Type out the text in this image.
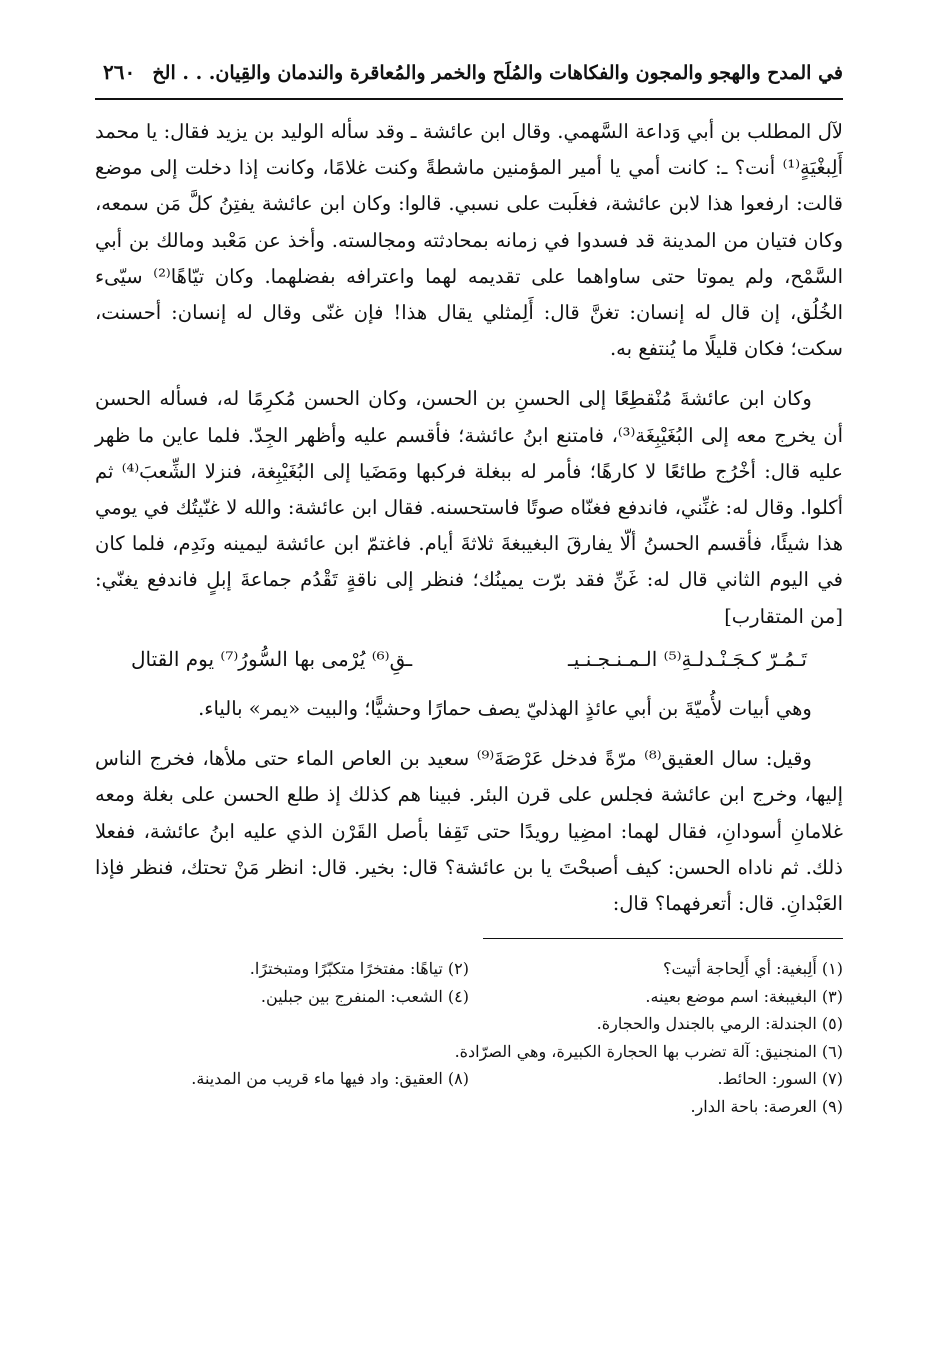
٢٦٠ في المدح والهجو والمجون والفكاهات والمُلَح والخمر والمُعاقرة والندمان والقِيان. . . الخ

لآل المطلب بن أبي وَداعة السَّهمي. وقال ابن عائشة ـ وقد سأله الوليد بن يزيد فقال: يا محمد أَلِبغْيَةٍ⁽¹⁾ أنت؟ ـ: كانت أمي يا أمير المؤمنين ماشطةً وكنت غلامًا، وكانت إذا دخلت إلى موضع قالت: ارفعوا هذا لابن عائشة، فغلَبت على نسبي. قالوا: وكان ابن عائشة يفتِنُ كلَّ مَن سمعه، وكان فتيان من المدينة قد فسدوا في زمانه بمحادثته ومجالسته. وأخذ عن مَعْبد ومالك بن أبي السَّمْح، ولم يموتا حتى ساواهما على تقديمه لهما واعترافه بفضلهما. وكان تيّاهًا⁽²⁾ سيّىء الخُلُق، إن قال له إنسان: تغنَّ قال: أَلِمثلي يقال هذا! فإن غنّى وقال له إنسان: أحسنت، سكت؛ فكان قليلًا ما يُنتفع به.

وكان ابن عائشةَ مُنْقطِعًا إلى الحسنِ بن الحسن، وكان الحسن مُكرِمًا له، فسأله الحسن أن يخرج معه إلى البُغَيْبِغَة⁽³⁾، فامتنع ابنُ عائشة؛ فأقسم عليه وأظهر الجِدّ. فلما عاين ما ظهر عليه قال: أخْرُج طائعًا لا كارهًا؛ فأمر له ببغلة فركبها ومَضَيا إلى البُغَيْبِغة، فنزلا الشِّعبَ⁽⁴⁾ ثم أكلوا. وقال له: غنِّني، فاندفع فغنّاه صوتًا فاستحسنه. فقال ابن عائشة: والله لا غنّيتُك في يومي هذا شيئًا، فأقسم الحسنُ ألّا يفارقَ البغيبغةَ ثلاثةَ أيام. فاغتمّ ابن عائشة ليمينه ونَدِم، فلما كان في اليوم الثاني قال له: غَنِّ فقد برّت يمينُك؛ فنظر إلى ناقةٍ تَقْدُم جماعةَ إبلٍ فاندفع يغنّي: [من المتقارب]

تَـمُـرّ كـجَـنْـدلـةِ⁽⁵⁾ الـمـنـجـنـيـ
ـقِ⁽⁶⁾ يُرْمى بها السُّورُ⁽⁷⁾ يوم القتال

وهي أبيات لأُميّةَ بن أبي عائذٍ الهذليّ يصف حمارًا وحشيًّا؛ والبيت «يمر» بالياء.

وقيل: سال العقيق⁽⁸⁾ مرّةً فدخل عَرْصَةَ⁽⁹⁾ سعيد بن العاص الماء حتى ملأها، فخرج الناس إليها، وخرج ابن عائشة فجلس على قرن البئر. فبينا هم كذلك إذ طلع الحسن على بغلة ومعه غلامانِ أسودانِ، فقال لهما: امضِيا رويدًا حتى تَقِفا بأصل القَرْن الذي عليه ابنُ عائشة، ففعلا ذلك. ثم ناداه الحسن: كيف أصبحْتَ يا بن عائشة؟ قال: بخير. قال: انظر مَنْ تحتك، فنظر فإذا العَبْدانِ. قال: أتعرفهما؟ قال:

(١) أَلِبغية: أي أَلِحاجة أتيت؟
(٢) تياهًا: مفتخرًا متكبّرًا ومتبخترًا.
(٣) البغيبغة: اسم موضع بعينه.
(٤) الشعب: المنفرج بين جبلين.
(٥) الجندلة: الرمي بالجندل والحجارة.
(٦) المنجنيق: آلة تضرب بها الحجارة الكبيرة، وهي الصرّادة.
(٧) السور: الحائط.
(٨) العقيق: واد فيها ماء قريب من المدينة.
(٩) العرصة: باحة الدار.
